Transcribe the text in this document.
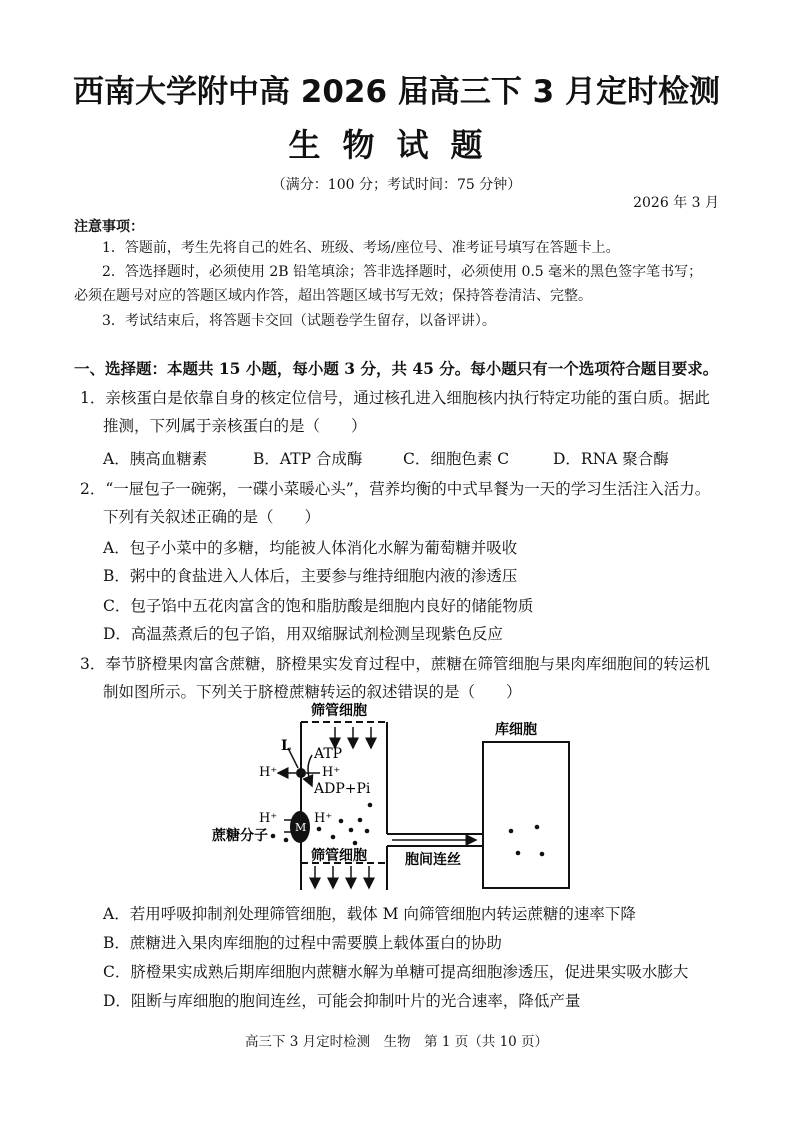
西南大学附中高 2026 届高三下 3 月定时检测
生物试题
（满分：100 分；考试时间：75 分钟）
2026 年 3 月
注意事项：
1．答题前，考生先将自己的姓名、班级、考场/座位号、准考证号填写在答题卡上。
2．答选择题时，必须使用 2B 铅笔填涂；答非选择题时，必须使用 0.5 毫米的黑色签字笔书写；
必须在题号对应的答题区域内作答，超出答题区域书写无效；保持答卷清洁、完整。
3．考试结束后，将答题卡交回（试题卷学生留存，以备评讲）。
一、选择题：本题共 15 小题，每小题 3 分，共 45 分。每小题只有一个选项符合题目要求。
1．亲核蛋白是依靠自身的核定位信号，通过核孔进入细胞核内执行特定功能的蛋白质。据此
推测，下列属于亲核蛋白的是（　　）
A．胰高血糖素	B．ATP 合成酶	C．细胞色素 C	D．RNA 聚合酶
2．“一屉包子一碗粥，一碟小菜暖心头”，营养均衡的中式早餐为一天的学习生活注入活力。
下列有关叙述正确的是（　　）
A．包子小菜中的多糖，均能被人体消化水解为葡萄糖并吸收
B．粥中的食盐进入人体后，主要参与维持细胞内液的渗透压
C．包子馅中五花肉富含的饱和脂肪酸是细胞内良好的储能物质
D．高温蒸煮后的包子馅，用双缩脲试剂检测呈现紫色反应
3．奉节脐橙果肉富含蔗糖，脐橙果实发育过程中，蔗糖在筛管细胞与果肉库细胞间的转运机
制如图所示。下列关于脐橙蔗糖转运的叙述错误的是（　　）
筛管细胞
库细胞
L ATP
H⁺	H⁺
ADP+Pi
H⁺	H⁺
M
蔗糖分子
筛管细胞	胞间连丝
A．若用呼吸抑制剂处理筛管细胞，载体 M 向筛管细胞内转运蔗糖的速率下降
B．蔗糖进入果肉库细胞的过程中需要膜上载体蛋白的协助
C．脐橙果实成熟后期库细胞内蔗糖水解为单糖可提高细胞渗透压，促进果实吸水膨大
D．阻断与库细胞的胞间连丝，可能会抑制叶片的光合速率，降低产量
高三下 3 月定时检测　生物　第 1 页（共 10 页）
